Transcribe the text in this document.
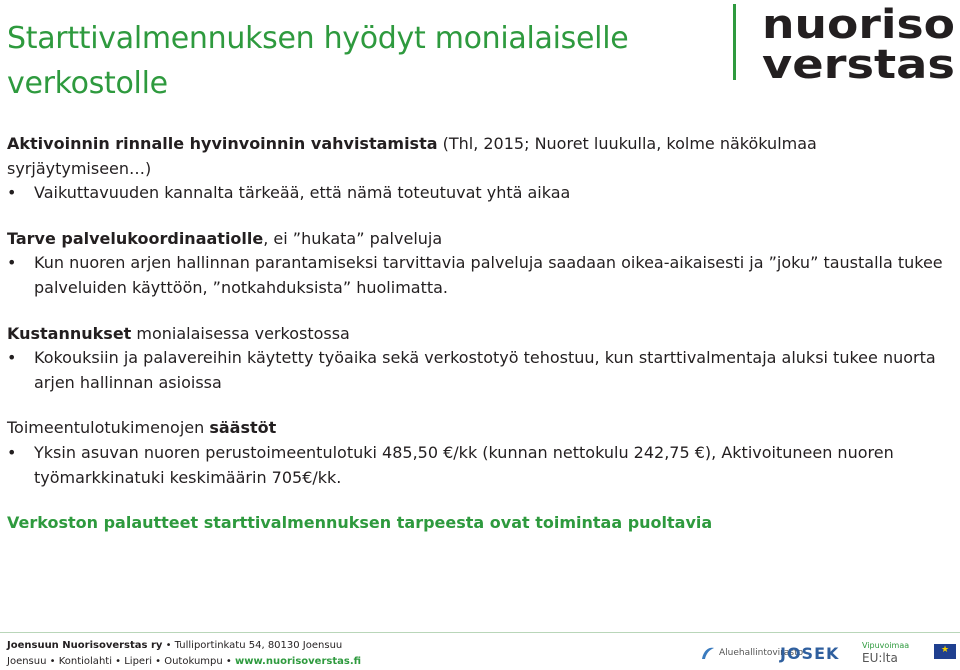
Starttivalmennuksen hyödyt monialaiselle verkostolle
nuoriso
verstas

Aktivoinnin rinnalle hyvinvoinnin vahvistamista (Thl, 2015; Nuoret luukulla, kolme näkökulmaa syrjäytymiseen…)

• Vaikuttavuuden kannalta tärkeää, että nämä toteutuvat yhtä aikaa

Tarve palvelukoordinaatiolle, ei ”hukata” palveluja

• Kun nuoren arjen hallinnan parantamiseksi tarvittavia palveluja saadaan oikea-aikaisesti ja ”joku” taustalla tukee palveluiden käyttöön, ”notkahduksista” huolimatta.

Kustannukset monialaisessa verkostossa

• Kokouksiin ja palavereihin käytetty työaika sekä verkostotyö tehostuu, kun starttivalmentaja aluksi tukee nuorta arjen hallinnan asioissa

Toimeentulotukimenojen säästöt

• Yksin asuvan nuoren perustoimeentulotuki 485,50 €/kk (kunnan nettokulu 242,75 €), Aktivoituneen nuoren työmarkkinatuki keskimäärin 705€/kk.

Verkoston palautteet starttivalmennuksen tarpeesta ovat toimintaa puoltavia

Joensuun Nuorisoverstas ry • Tulliportinkatu 54, 80130 Joensuu
Joensuu • Kontiolahti • Liperi • Outokumpu • www.nuorisoverstas.fi
Aluehallintovirasto
JOSEK	Vipuvoimaa
EU:lta
★
